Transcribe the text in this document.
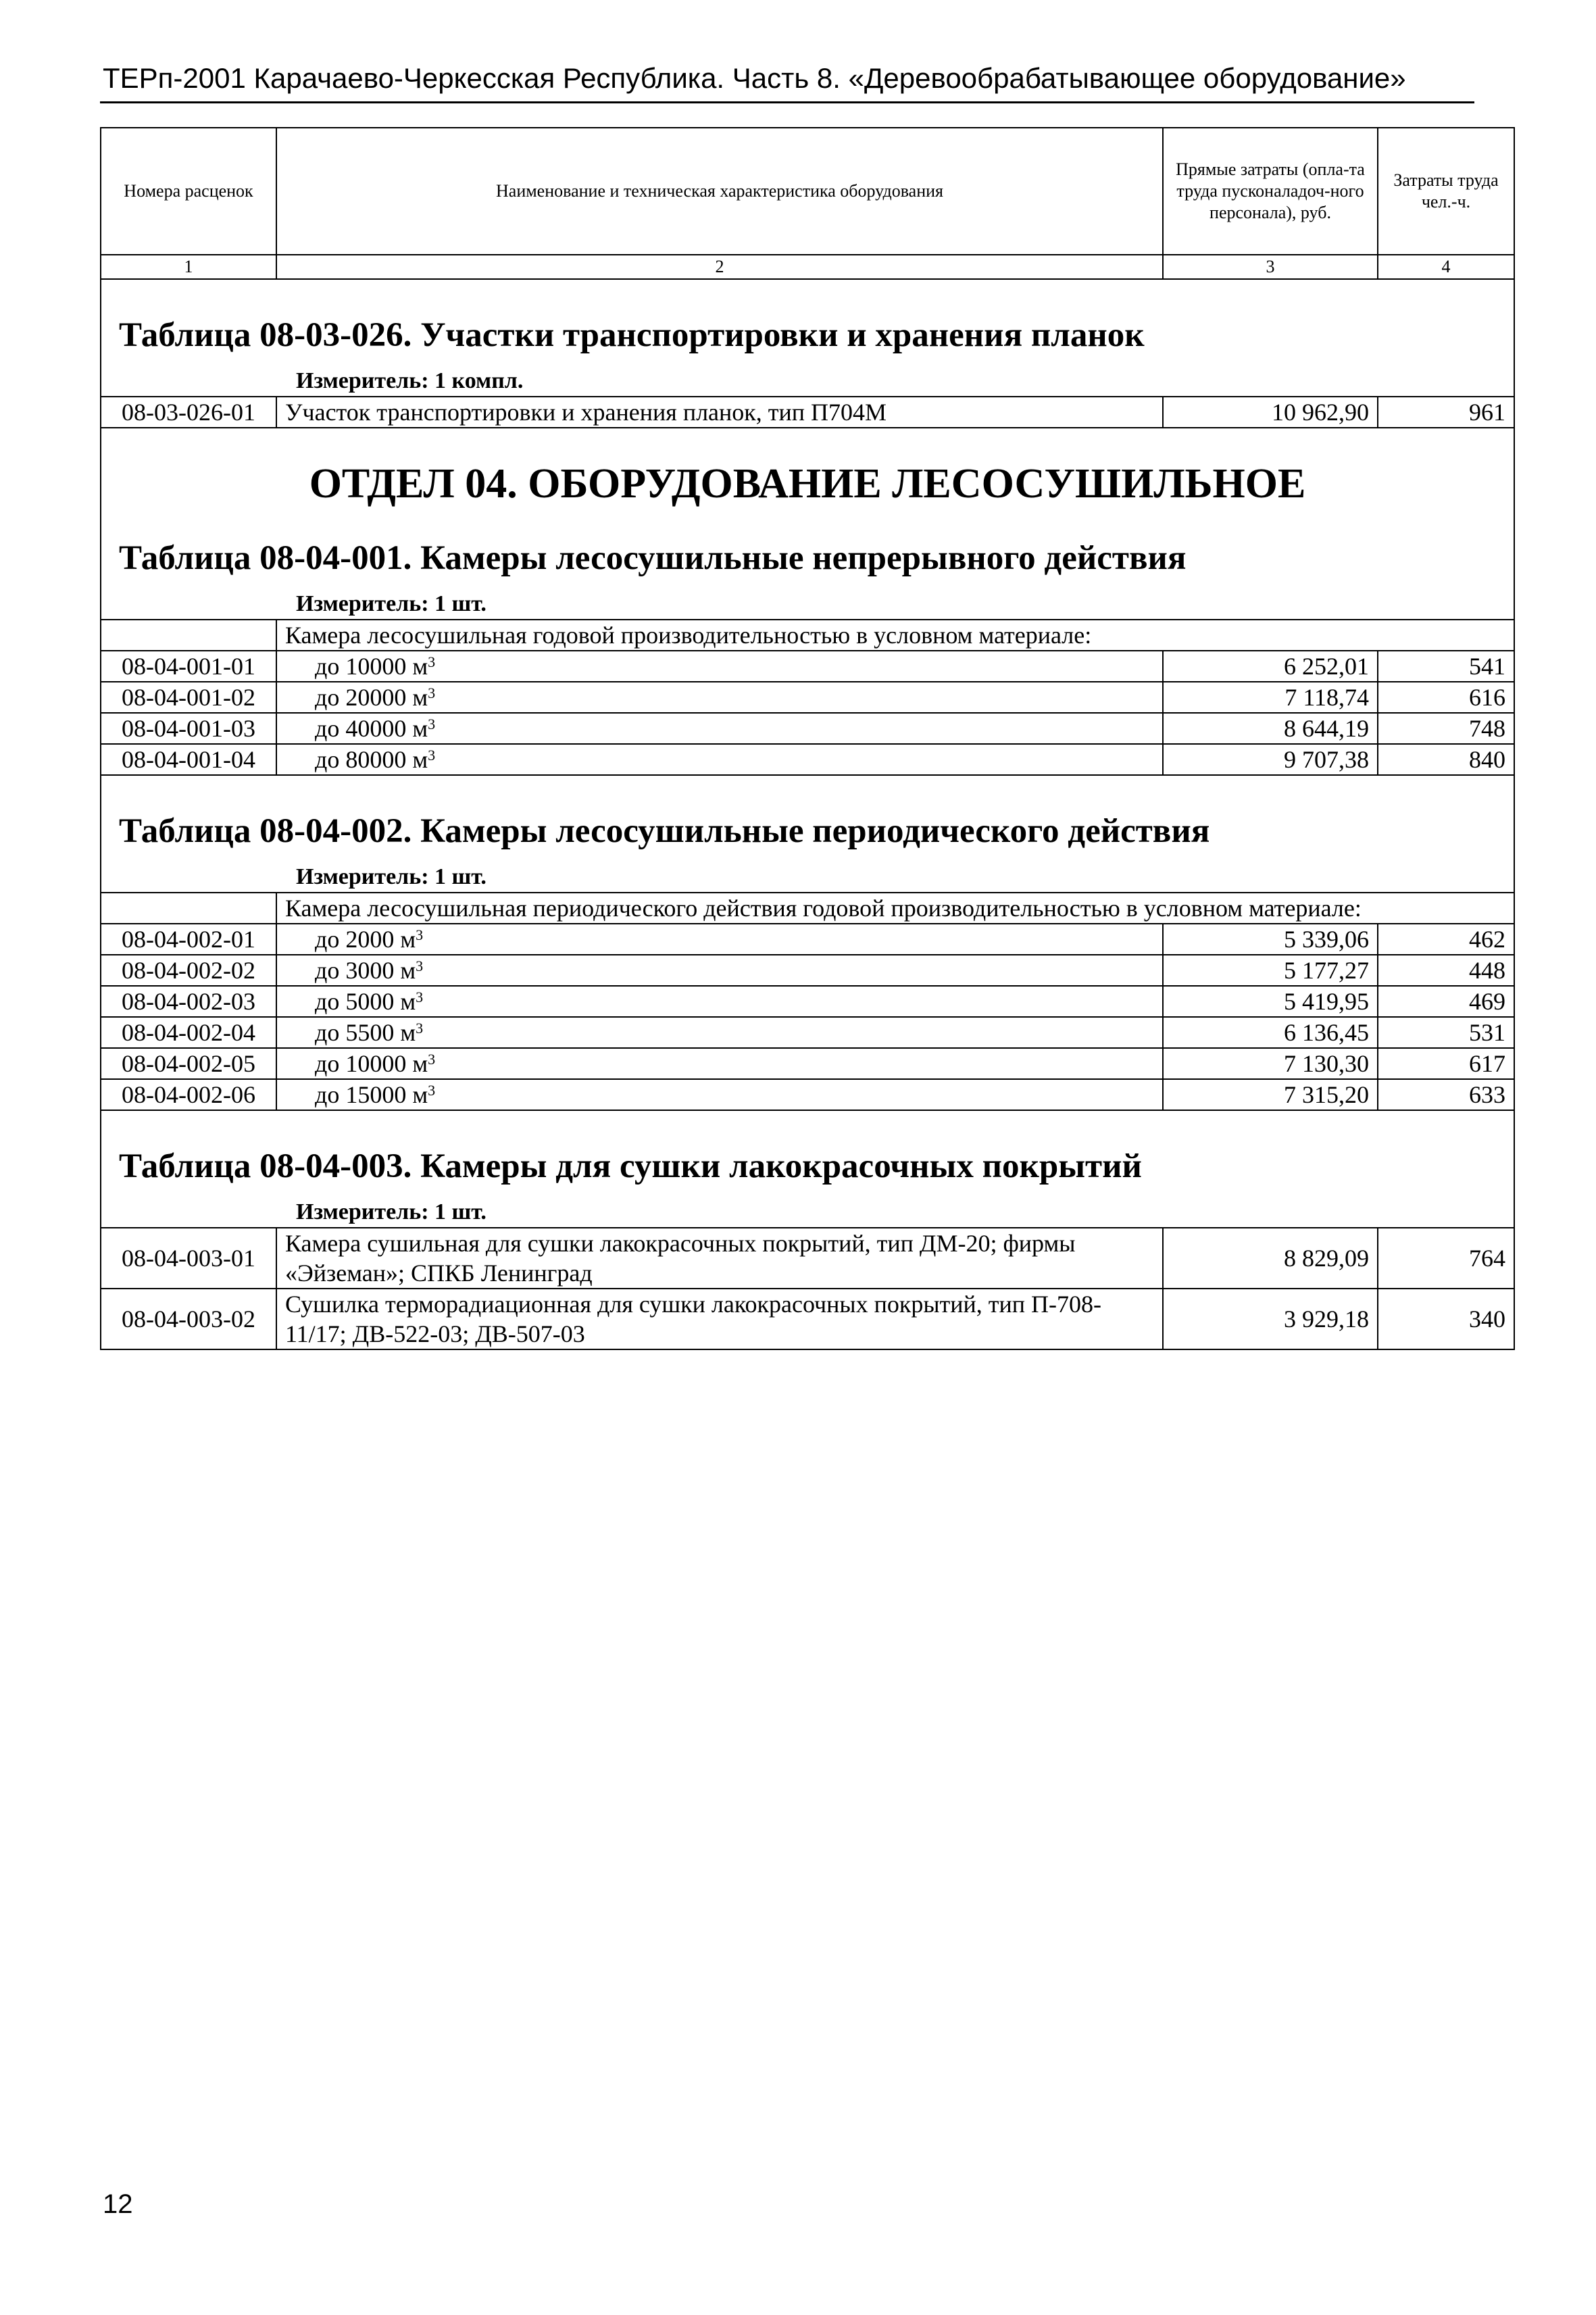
ТЕРп-2001 Карачаево-Черкесская Республика. Часть 8. «Деревообрабатывающее оборудование»
Номера расценок	Наименование и техническая характеристика оборудования	Прямые затраты (опла-та труда пусконаладоч-ного персонала), руб.	Затраты труда чел.-ч.
1	2	3	4

Таблица 08-03-026. Участки транспортировки и хранения планок
Измеритель: 1 компл.			

08-03-026-01	Участок транспортировки и хранения планок, тип П704М	10 962,90	961

ОТДЕЛ 04. ОБОРУДОВАНИЕ ЛЕСОСУШИЛЬНОЕ
Таблица 08-04-001. Камеры лесосушильные непрерывного действия
Измеритель: 1 шт.			

	Камера лесосушильная годовой производительностью в условном материале:		
08-04-001-01	до 10000 $м^3$	6 252,01	541
08-04-001-02	до 20000 $м^3$	7 118,74	616
08-04-001-03	до 40000 $м^3$	8 644,19	748
08-04-001-04	до 80000 $м^3$	9 707,38	840

Таблица 08-04-002. Камеры лесосушильные периодического действия
Измеритель: 1 шт.			

	Камера лесосушильная периодического действия годовой производительностью в условном материале:		
08-04-002-01	до 2000 $м^3$	5 339,06	462
08-04-002-02	до 3000 $м^3$	5 177,27	448
08-04-002-03	до 5000 $м^3$	5 419,95	469
08-04-002-04	до 5500 $м^3$	6 136,45	531
08-04-002-05	до 10000 $м^3$	7 130,30	617
08-04-002-06	до 15000 $м^3$	7 315,20	633

Таблица 08-04-003. Камеры для сушки лакокрасочных покрытий
Измеритель: 1 шт.			

08-04-003-01	Камера сушильная для сушки лакокрасочных покрытий, тип ДМ-20; фирмы «Эйземан»; СПКБ Ленинград	8 829,09	764
08-04-003-02	Сушилка терморадиационная для сушки лакокрасочных покрытий, тип П-708-11/17; ДВ-522-03; ДВ-507-03	3 929,18	340
12
